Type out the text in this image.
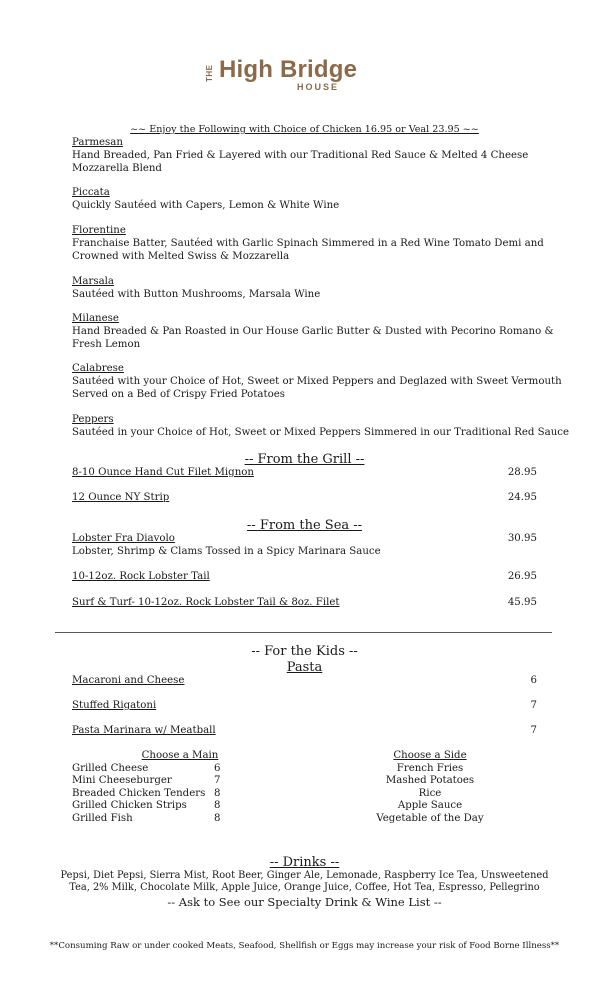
THE High Bridge
HOUSE
~~ Enjoy the Following with Choice of Chicken 16.95 or Veal 23.95 ~~
Parmesan
Hand Breaded, Pan Fried & Layered with our Traditional Red Sauce & Melted 4 Cheese
Mozzarella Blend
Piccata
Quickly Sautéed with Capers, Lemon & White Wine
Florentine
Franchaise Batter, Sautéed with Garlic Spinach Simmered in a Red Wine Tomato Demi and
Crowned with Melted Swiss & Mozzarella
Marsala
Sautéed with Button Mushrooms, Marsala Wine
Milanese
Hand Breaded & Pan Roasted in Our House Garlic Butter & Dusted with Pecorino Romano &
Fresh Lemon
Calabrese
Sautéed with your Choice of Hot, Sweet or Mixed Peppers and Deglazed with Sweet Vermouth
Served on a Bed of Crispy Fried Potatoes
Peppers
Sautéed in your Choice of Hot, Sweet or Mixed Peppers Simmered in our Traditional Red Sauce
-- From the Grill --
8-10 Ounce Hand Cut Filet Mignon	28.95
12 Ounce NY Strip	24.95
-- From the Sea --
Lobster Fra Diavolo	30.95
Lobster, Shrimp & Clams Tossed in a Spicy Marinara Sauce
10-12oz. Rock Lobster Tail	26.95
Surf & Turf- 10-12oz. Rock Lobster Tail & 8oz. Filet	45.95
-- For the Kids --
Pasta
Macaroni and Cheese	6
Stuffed Rigatoni	7
Pasta Marinara w/ Meatball	7
Choose a Main	Choose a Side
Grilled Cheese	6	French Fries
Mini Cheeseburger	7	Mashed Potatoes
Breaded Chicken Tenders 8	Rice
Grilled Chicken Strips	8	Apple Sauce
Grilled Fish	8	Vegetable of the Day
-- Drinks --
Pepsi, Diet Pepsi, Sierra Mist, Root Beer, Ginger Ale, Lemonade, Raspberry Ice Tea, Unsweetened
Tea, 2% Milk, Chocolate Milk, Apple Juice, Orange Juice, Coffee, Hot Tea, Espresso, Pellegrino
-- Ask to See our Specialty Drink & Wine List --
**Consuming Raw or under cooked Meats, Seafood, Shellfish or Eggs may increase your risk of Food Borne Illness**
